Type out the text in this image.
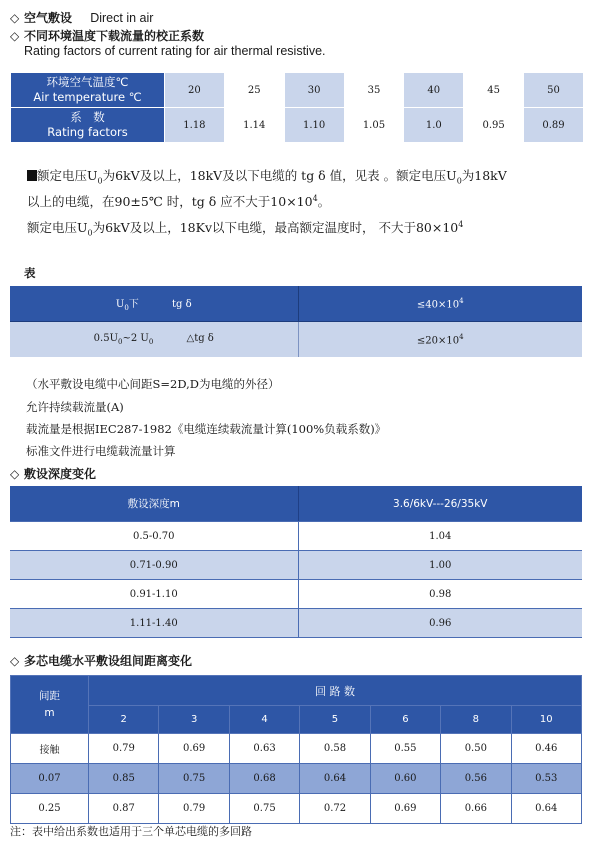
◇ 空气敷设 Direct in air
◇ 不同环境温度下载流量的校正系数
Rating factors of current rating for air thermal resistive.
环境空气温度℃
Air temperature ℃	20	25	30	35	40	45	50

系　数
Rating factors	1.18	1.14	1.10	1.05	1.0	0.95	0.89
额定电压$U_0$为6kV及以上，18kV及以下电缆的 tg δ 值，见表 。额定电压$U_0$为18kV
以上的电缆，在90±5℃ 时，tg δ 应不大于$10\times 10^4$。
额定电压$U_0$为6kV及以上，18Kv以下电缆，最高额定温度时， 不大于$80\times 10^4$
表
$U_0$下 tg δ	$\le 40\times 10^4$
$0.5U_0\sim 2$ $U_0$ △tg δ	$\le 20\times 10^4$
（水平敷设电缆中心间距S=2D,D为电缆的外径）
允许持续载流量(A)
载流量是根据IEC287-1982《电缆连续载流量计算(100%负载系数)》
标准文件进行电缆载流量计算
◇ 敷设深度变化
敷设深度m	3.6/6kV---26/35kV
0.5-0.70	1.04
0.71-0.90	1.00
0.91-1.10	0.98
1.11-1.40	0.96
◇ 多芯电缆水平敷设组间距离变化
间距
m	回 路 数						
	2	3	4	5	6	8	10
接触	0.79	0.69	0.63	0.58	0.55	0.50	0.46
0.07	0.85	0.75	0.68	0.64	0.60	0.56	0.53
0.25	0.87	0.79	0.75	0.72	0.69	0.66	0.64
注：表中给出系数也适用于三个单芯电缆的多回路
